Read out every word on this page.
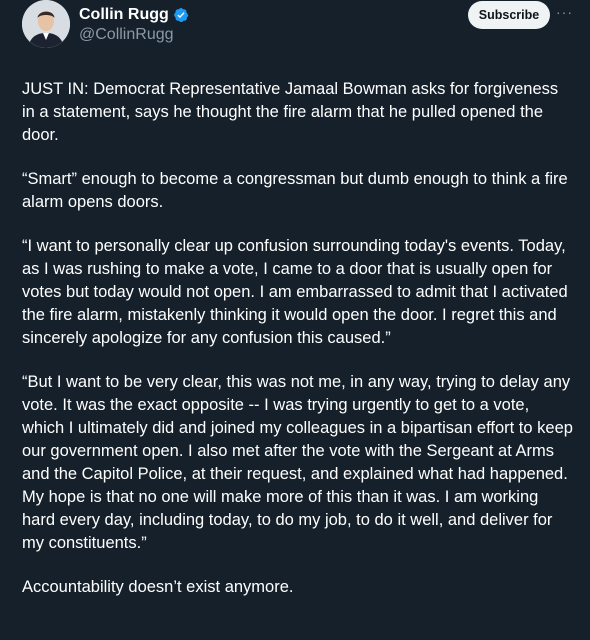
Collin Rugg
@CollinRugg
Subscribe	···

JUST IN: Democrat Representative Jamaal Bowman asks for forgiveness in a statement, says he thought the fire alarm that he pulled opened the door.

“Smart” enough to become a congressman but dumb enough to think a fire alarm opens doors.

“I want to personally clear up confusion surrounding today's events. Today, as I was rushing to make a vote, I came to a door that is usually open for votes but today would not open. I am embarrassed to admit that I activated the fire alarm, mistakenly thinking it would open the door. I regret this and sincerely apologize for any confusion this caused.”

“But I want to be very clear, this was not me, in any way, trying to delay any vote. It was the exact opposite -- I was trying urgently to get to a vote, which I ultimately did and joined my colleagues in a bipartisan effort to keep our government open. I also met after the vote with the Sergeant at Arms and the Capitol Police, at their request, and explained what had happened. My hope is that no one will make more of this than it was. I am working hard every day, including today, to do my job, to do it well, and deliver for my constituents.”

Accountability doesn’t exist anymore.
